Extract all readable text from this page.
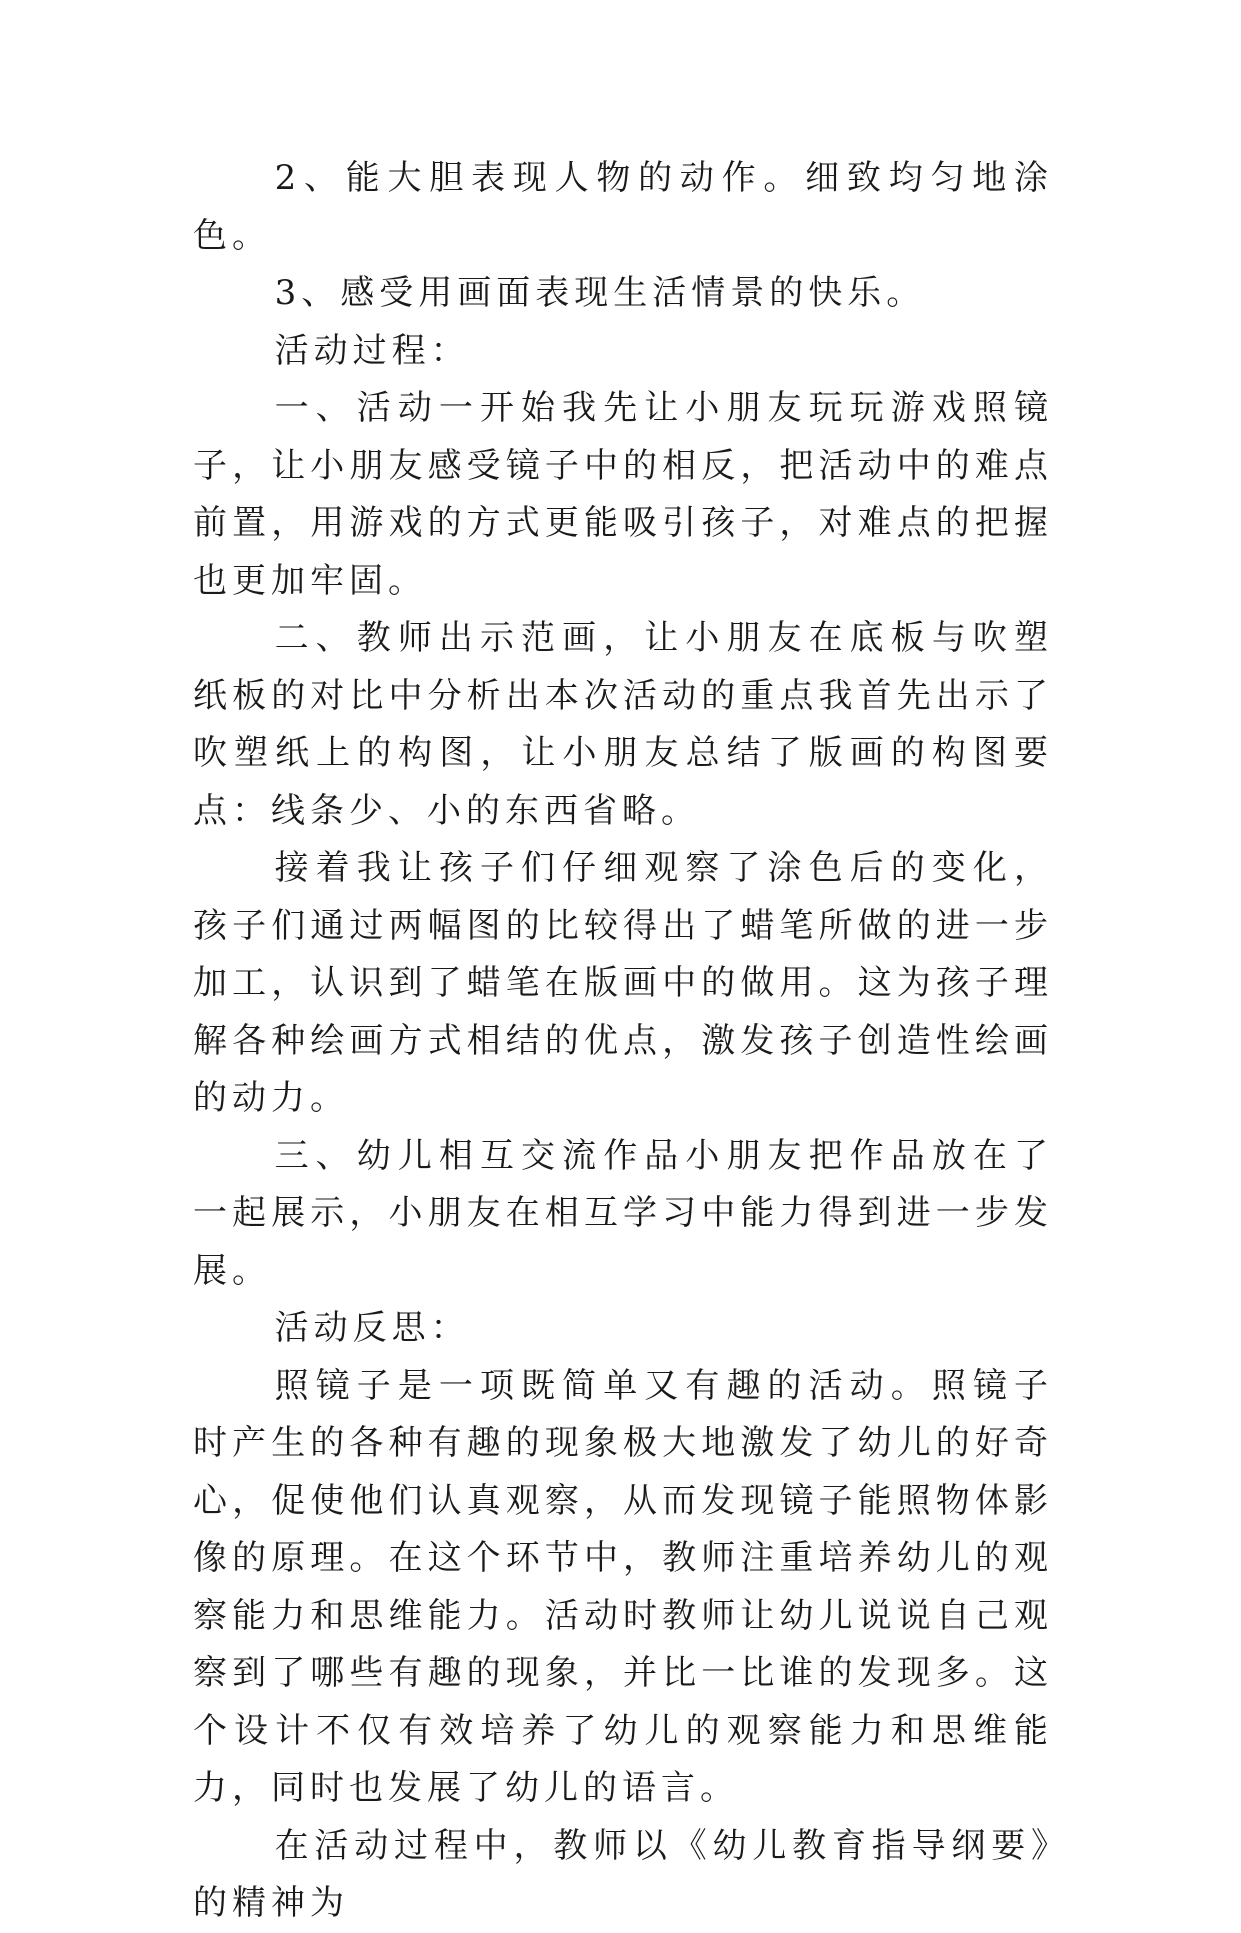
2、能大胆表现人物的动作。细致均匀地涂色。

3、感受用画面表现生活情景的快乐。

活动过程：

一、活动一开始我先让小朋友玩玩游戏照镜子，让小朋友感受镜子中的相反，把活动中的难点前置，用游戏的方式更能吸引孩子，对难点的把握也更加牢固。

二、教师出示范画，让小朋友在底板与吹塑纸板的对比中分析出本次活动的重点我首先出示了吹塑纸上的构图，让小朋友总结了版画的构图要点：线条少、小的东西省略。

接着我让孩子们仔细观察了涂色后的变化，孩子们通过两幅图的比较得出了蜡笔所做的进一步加工，认识到了蜡笔在版画中的做用。这为孩子理解各种绘画方式相结的优点，激发孩子创造性绘画的动力。

三、幼儿相互交流作品小朋友把作品放在了一起展示，小朋友在相互学习中能力得到进一步发展。

活动反思：

照镜子是一项既简单又有趣的活动。照镜子时产生的各种有趣的现象极大地激发了幼儿的好奇心，促使他们认真观察，从而发现镜子能照物体影像的原理。在这个环节中，教师注重培养幼儿的观察能力和思维能力。活动时教师让幼儿说说自己观察到了哪些有趣的现象，并比一比谁的发现多。这个设计不仅有效培养了幼儿的观察能力和思维能力，同时也发展了幼儿的语言。

在活动过程中，教师以《幼儿教育指导纲要》的精神为
